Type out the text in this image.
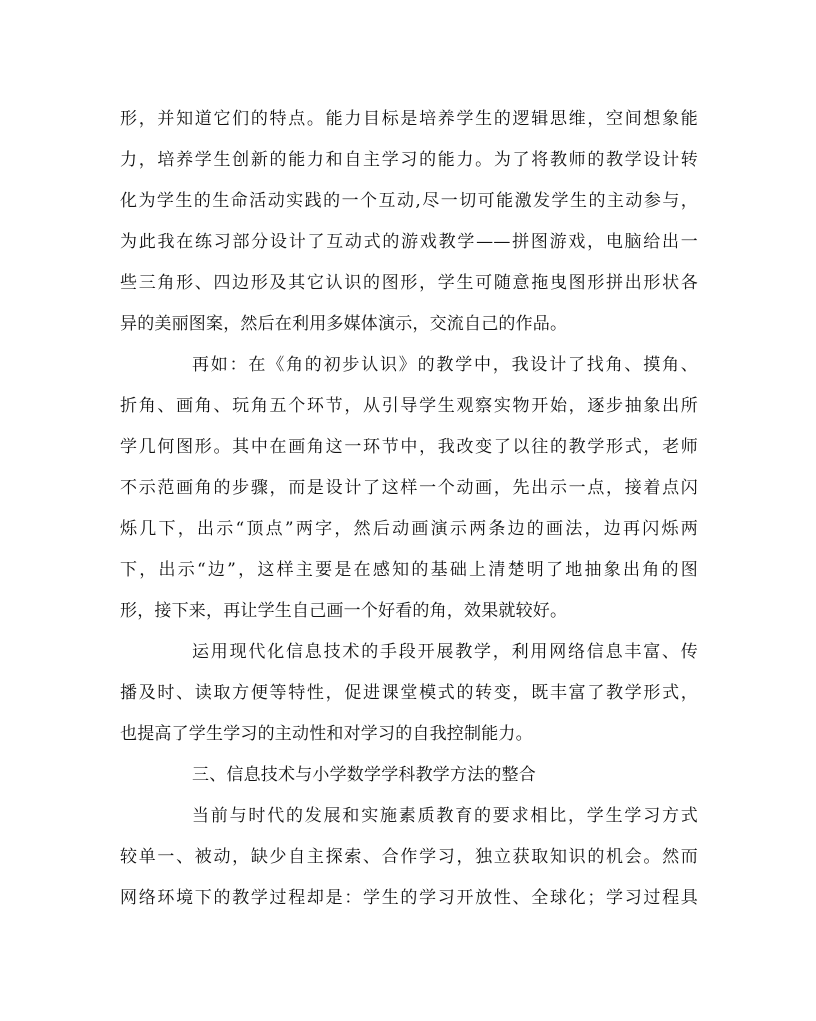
形，并知道它们的特点。能力目标是培养学生的逻辑思维，空间想象能
力，培养学生创新的能力和自主学习的能力。为了将教师的教学设计转
化为学生的生命活动实践的一个互动,尽一切可能激发学生的主动参与，
为此我在练习部分设计了互动式的游戏教学——拼图游戏，电脑给出一
些三角形、四边形及其它认识的图形，学生可随意拖曳图形拼出形状各
异的美丽图案，然后在利用多媒体演示，交流自己的作品。
再如：在《角的初步认识》的教学中，我设计了找角、摸角、
折角、画角、玩角五个环节，从引导学生观察实物开始，逐步抽象出所
学几何图形。其中在画角这一环节中，我改变了以往的教学形式，老师
不示范画角的步骤，而是设计了这样一个动画，先出示一点，接着点闪
烁几下，出示“顶点”两字，然后动画演示两条边的画法，边再闪烁两
下，出示“边”，这样主要是在感知的基础上清楚明了地抽象出角的图
形，接下来，再让学生自己画一个好看的角，效果就较好。
运用现代化信息技术的手段开展教学，利用网络信息丰富、传
播及时、读取方便等特性，促进课堂模式的转变，既丰富了教学形式，
也提高了学生学习的主动性和对学习的自我控制能力。
三、信息技术与小学数学学科教学方法的整合
当前与时代的发展和实施素质教育的要求相比，学生学习方式
较单一、被动，缺少自主探索、合作学习，独立获取知识的机会。然而
网络环境下的教学过程却是：学生的学习开放性、全球化；学习过程具
